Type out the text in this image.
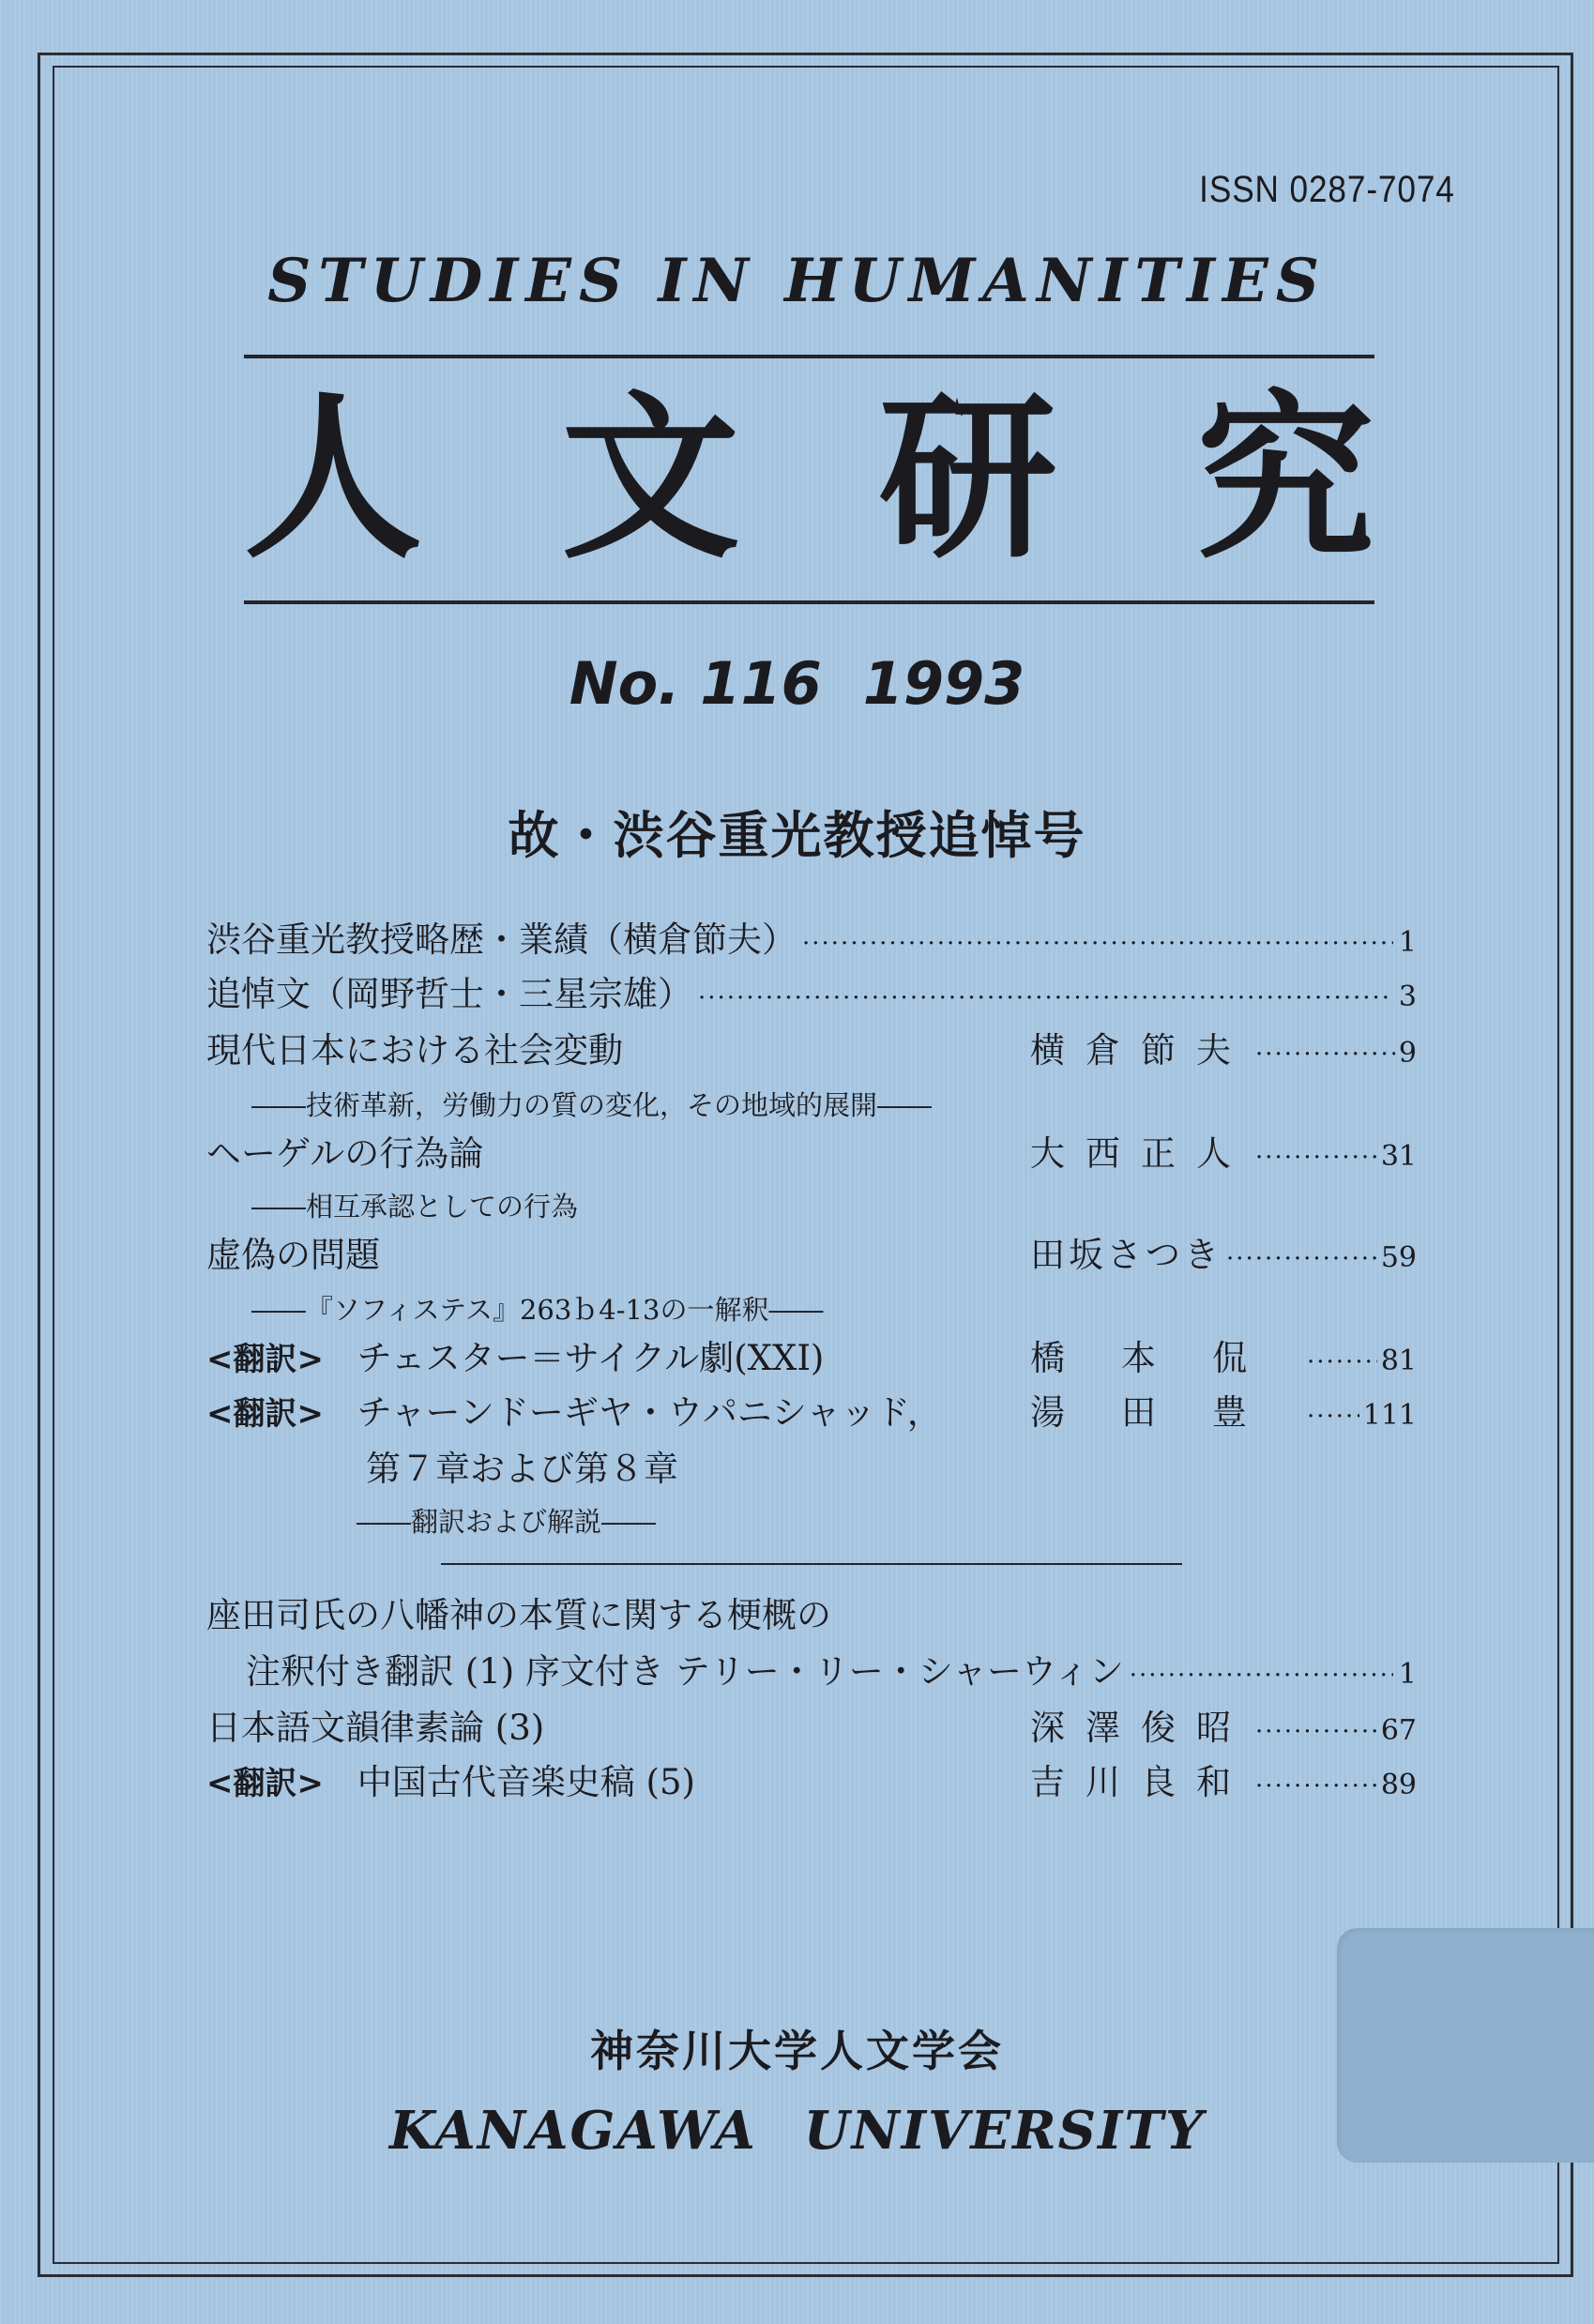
ISSN 0287-7074
STUDIES IN HUMANITIES
人 文 研 究
No. 116 1993
故・渋谷重光教授追悼号
渋谷重光教授略歴・業績（横倉節夫） ·····	1
追悼文（岡野哲士・三星宗雄） ·····	3
現代日本における社会変動	横倉節夫 ·····	9
――技術革新，労働力の質の変化，その地域的展開――
ヘーゲルの行為論	大西正人 ·····	31
――相互承認としての行為
虚偽の問題	田坂さつき ·····	59
――『ソフィステス』263ｂ4-13の一解釈――
<翻訳> チェスター＝サイクル劇(XXI)	橋本侃 ·····	81
<翻訳> チャーンドーギヤ・ウパニシャッド，	湯田豊 ····· 111
第７章および第８章
――翻訳および解説――
座田司氏の八幡神の本質に関する梗概の
注釈付き翻訳 (1) 序文付き テリー・リー・シャーウィン ·····	1
日本語文韻律素論 (3)	深澤俊昭 ·····	67
<翻訳> 中国古代音楽史稿 (5)	吉川良和 ·····	89
神奈川大学人文学会
KANAGAWA UNIVERSITY
